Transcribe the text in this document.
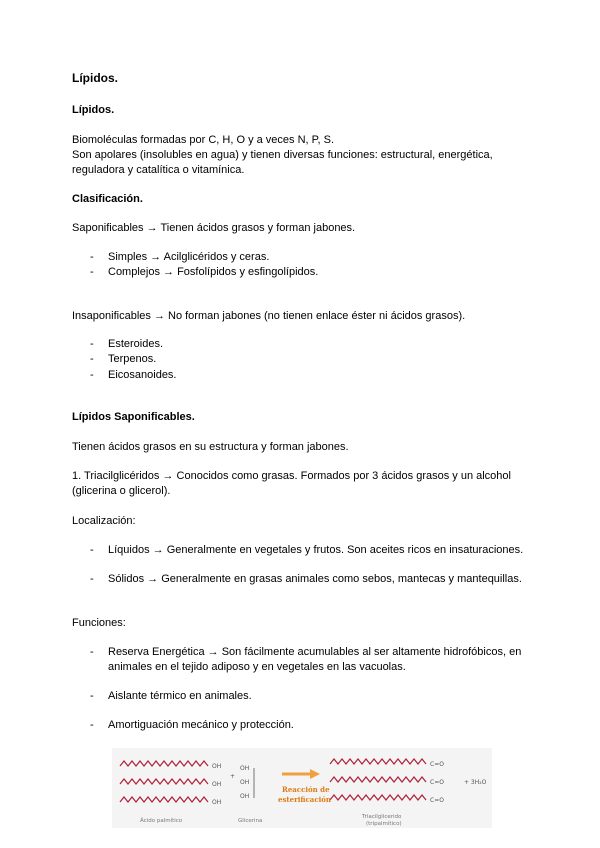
Lípidos.
Lípidos.
Biomoléculas formadas por C, H, O y a veces N, P, S.
Son apolares (insolubles en agua) y tienen diversas funciones: estructural, energética,
reguladora y catalítica o vitamínica.
Clasificación.
Saponificables → Tienen ácidos grasos y forman jabones.
- Simples → Acilglicéridos y ceras.
- Complejos → Fosfolípidos y esfingolípidos.
Insaponificables → No forman jabones (no tienen enlace éster ni ácidos grasos).
- Esteroides.
- Terpenos.
- Eicosanoides.
Lípidos Saponificables.
Tienen ácidos grasos en su estructura y forman jabones.
1. Triacilglicéridos → Conocidos como grasas. Formados por 3 ácidos grasos y un alcohol
(glicerina o glicerol).
Localización:
- Líquidos → Generalmente en vegetales y frutos. Son aceites ricos en insaturaciones.
- Sólidos → Generalmente en grasas animales como sebos, mantecas y mantequillas.
Funciones:
- Reserva Energética → Son fácilmente acumulables al ser altamente hidrofóbicos, en
animales en el tejido adiposo y en vegetales en las vacuolas.
- Aislante térmico en animales.
- Amortiguación mecánico y protección.
OH
OH
OH
+
OH
OH
OH
Reacción de
esterificación
C=O
C=O
C=O
+ 3H₂O
Ácido palmítico	Glicerina
Triacilglicerido
(tripalmítico)
